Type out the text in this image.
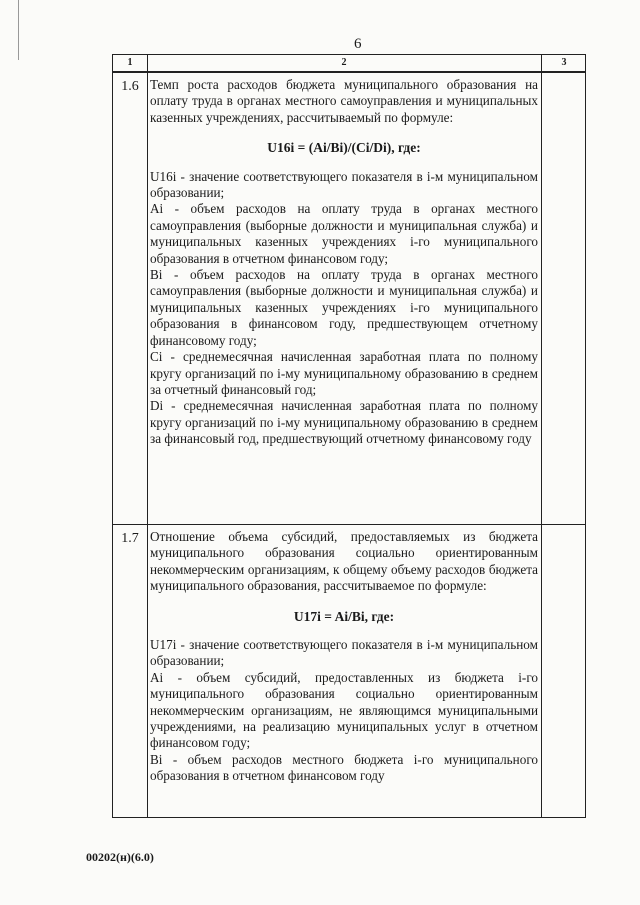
6
1	2	3
1.6 Темп роста расходов бюджета муниципального образования на оплату труда в органах местного самоуправления и муниципальных казенных учреждениях, рассчитываемый по формуле:

U16i = (Ai/Bi)/(Ci/Di), где:

U16i - значение соответствующего показателя в i-м муниципальном образовании;

Ai - объем расходов на оплату труда в органах местного самоуправления (выборные должности и муниципальная служба) и муниципальных казенных учреждениях i-го муниципального образования в отчетном финансовом году;

Bi - объем расходов на оплату труда в органах местного самоуправления (выборные должности и муниципальная служба) и муниципальных казенных учреждениях i-го муниципального образования в финансовом году, предшествующем отчетному финансовому году;

Ci - среднемесячная начисленная заработная плата по полному кругу организаций по i-му муниципальному образованию в среднем за отчетный финансовый год;

Di - среднемесячная начисленная заработная плата по полному кругу организаций по i-му муниципальному образованию в среднем за финансовый год, предшествующий отчетному финансовому году

1.7 Отношение объема субсидий, предоставляемых из бюджета муниципального образования социально ориентированным некоммерческим организациям, к общему объему расходов бюджета муниципального образования, рассчитываемое по формуле:

U17i = Ai/Bi, где:

U17i - значение соответствующего показателя в i-м муниципальном образовании;

Ai - объем субсидий, предоставленных из бюджета i-го муниципального образования социально ориентированным некоммерческим организациям, не являющимся муниципальными учреждениями, на реализацию муниципальных услуг в отчетном финансовом году;

Bi - объем расходов местного бюджета i-го муниципального образования в отчетном финансовом году

00202(н)(6.0)
